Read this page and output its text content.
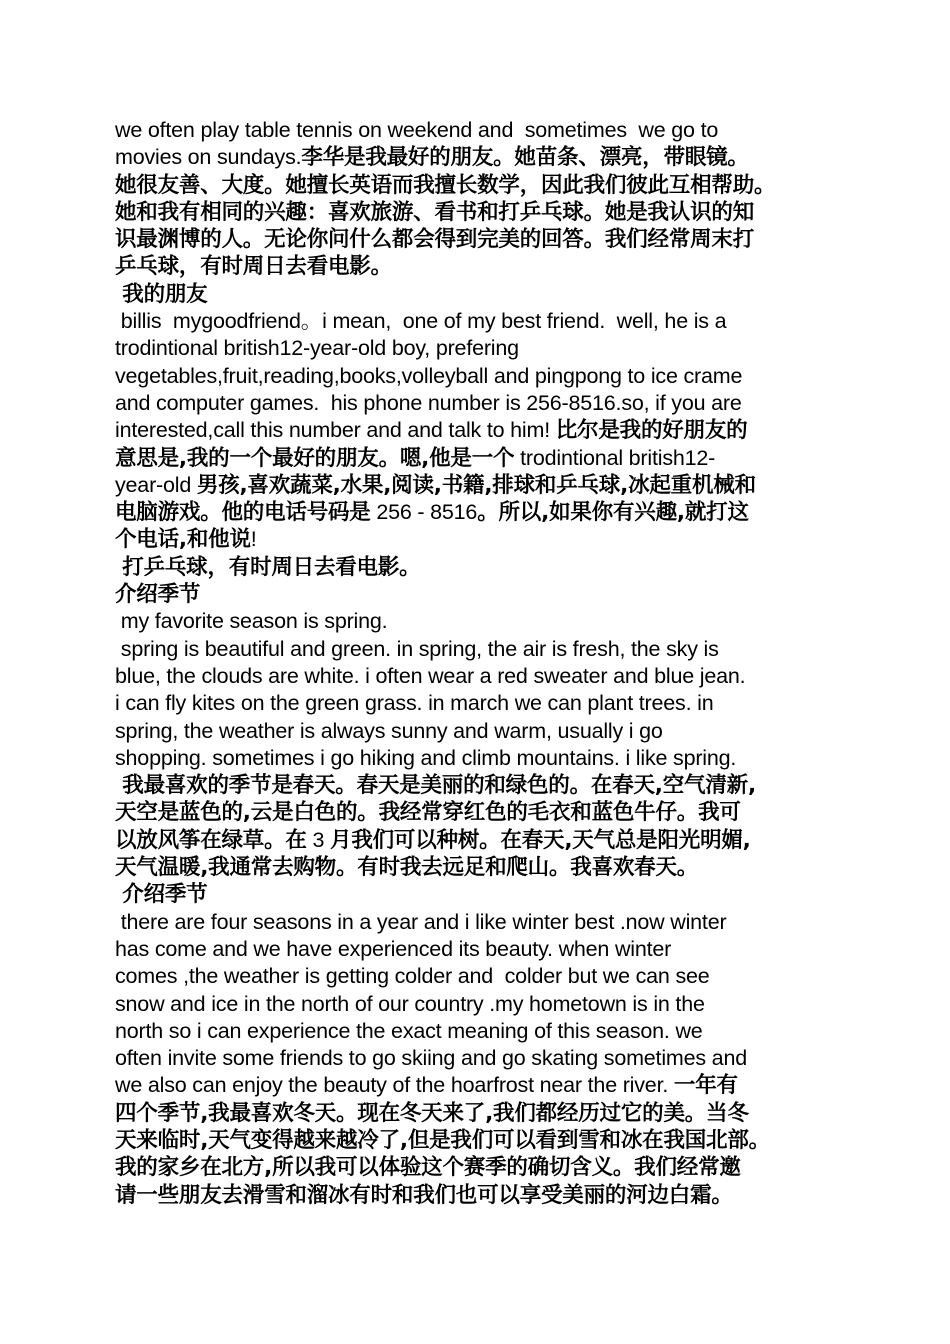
we often play table tennis on weekend and  sometimes  we go to
movies on sundays.李华是我最好的朋友。她苗条、漂亮，带眼镜。
她很友善、大度。她擅长英语而我擅长数学，因此我们彼此互相帮助。
她和我有相同的兴趣：喜欢旅游、看书和打乒乓球。她是我认识的知
识最渊博的人。无论你问什么都会得到完美的回答。我们经常周末打
乒乓球，有时周日去看电影。
我的朋友
billis  mygoodfriend。i mean,  one of my best friend.  well, he is a
trodintional british12-year-old boy, prefering
vegetables,fruit,reading,books,volleyball and pingpong to ice crame
and computer games.  his phone number is 256-8516.so, if you are
interested,call this number and and talk to him! 比尔是我的好朋友的
意思是,我的一个最好的朋友。嗯,他是一个 trodintional british12-
year-old 男孩,喜欢蔬菜,水果,阅读,书籍,排球和乒乓球,冰起重机械和
电脑游戏。他的电话号码是 256 - 8516。所以,如果你有兴趣,就打这
个电话,和他说!
打乒乓球，有时周日去看电影。
介绍季节
my favorite season is spring.
spring is beautiful and green. in spring, the air is fresh, the sky is
blue, the clouds are white. i often wear a red sweater and blue jean.
i can fly kites on the green grass. in march we can plant trees. in
spring, the weather is always sunny and warm, usually i go
shopping. sometimes i go hiking and climb mountains. i like spring.
我最喜欢的季节是春天。春天是美丽的和绿色的。在春天,空气清新,
天空是蓝色的,云是白色的。我经常穿红色的毛衣和蓝色牛仔。我可
以放风筝在绿草。在 3 月我们可以种树。在春天,天气总是阳光明媚,
天气温暖,我通常去购物。有时我去远足和爬山。我喜欢春天。
介绍季节
there are four seasons in a year and i like winter best .now winter
has come and we have experienced its beauty. when winter
comes ,the weather is getting colder and  colder but we can see
snow and ice in the north of our country .my hometown is in the
north so i can experience the exact meaning of this season. we
often invite some friends to go skiing and go skating sometimes and
we also can enjoy the beauty of the hoarfrost near the river. 一年有
四个季节,我最喜欢冬天。现在冬天来了,我们都经历过它的美。当冬
天来临时,天气变得越来越冷了,但是我们可以看到雪和冰在我国北部。
我的家乡在北方,所以我可以体验这个赛季的确切含义。我们经常邀
请一些朋友去滑雪和溜冰有时和我们也可以享受美丽的河边白霜。
